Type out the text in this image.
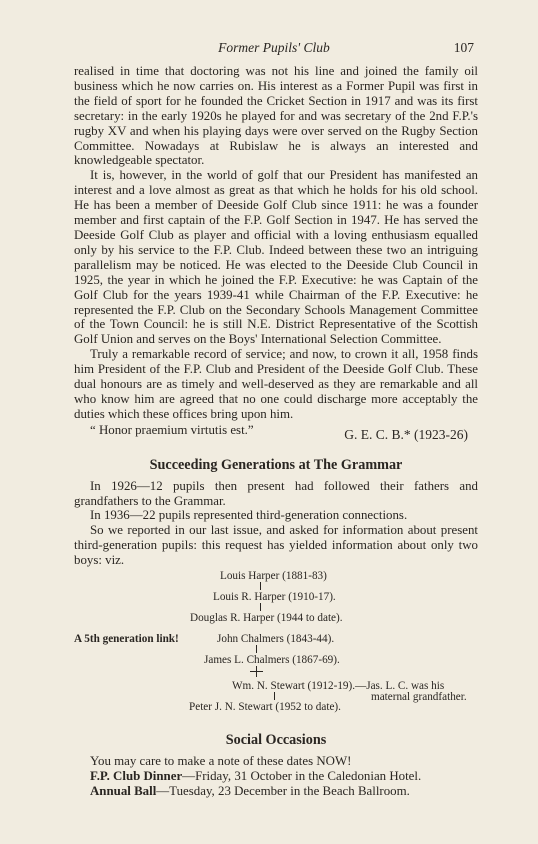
Former Pupils' Club	107

realised in time that doctoring was not his line and joined the family oil business which he now carries on. His interest as a Former Pupil was first in the field of sport for he founded the Cricket Section in 1917 and was its first secretary: in the early 1920s he played for and was secretary of the 2nd F.P.'s rugby XV and when his playing days were over served on the Rugby Section Committee. Nowadays at Rubislaw he is always an interested and knowledgeable spectator.

It is, however, in the world of golf that our President has manifested an interest and a love almost as great as that which he holds for his old school. He has been a member of Deeside Golf Club since 1911: he was a founder member and first captain of the F.P. Golf Section in 1947. He has served the Deeside Golf Club as player and official with a loving enthusiasm equalled only by his service to the F.P. Club. Indeed between these two an intriguing parallelism may be noticed. He was elected to the Deeside Club Council in 1925, the year in which he joined the F.P. Executive: he was Captain of the Golf Club for the years 1939-41 while Chairman of the F.P. Executive: he represented the F.P. Club on the Secondary Schools Management Committee of the Town Council: he is still N.E. District Representative of the Scottish Golf Union and serves on the Boys' International Selection Committee.

Truly a remarkable record of service; and now, to crown it all, 1958 finds him President of the F.P. Club and President of the Deeside Golf Club. These dual honours are as timely and well-deserved as they are remarkable and all who know him are agreed that no one could discharge more acceptably the duties which these offices bring upon him.

“ Honor praemium virtutis est.”	G. E. C. B.* (1923-26)
Succeeding Generations at The Grammar

In 1926—12 pupils then present had followed their fathers and grandfathers to the Grammar.

In 1936—22 pupils represented third-generation connections.

So we reported in our last issue, and asked for information about present third-generation pupils: this request has yielded information about only two boys: viz.

Louis Harper (1881-83)
Louis R. Harper (1910-17).
Douglas R. Harper (1944 to date).
A 5th generation link!	John Chalmers (1843-44).
James L. Chalmers (1867-69).
Wm. N. Stewart (1912-19).—Jas. L. C. was his
maternal grandfather.
Peter J. N. Stewart (1952 to date).
Social Occasions

You may care to make a note of these dates NOW!

F.P. Club Dinner—Friday, 31 October in the Caledonian Hotel.

Annual Ball—Tuesday, 23 December in the Beach Ballroom.
